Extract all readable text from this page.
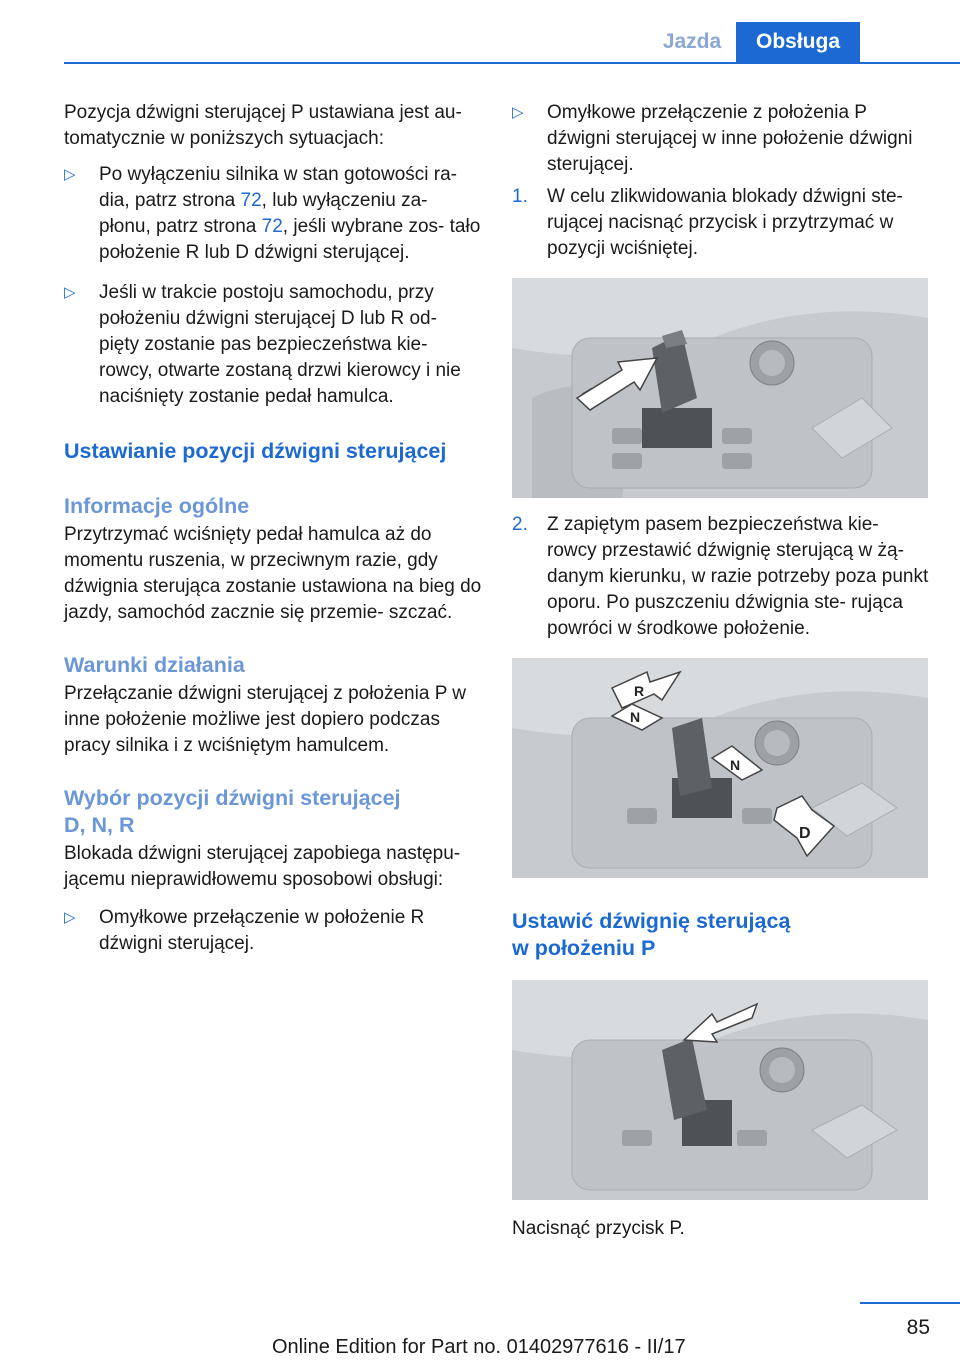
Jazda	Obsługa

Pozycja dźwigni sterującej P ustawiana jest au‐ tomatycznie w poniższych sytuacjach:

▷ Po wyłączeniu silnika w stan gotowości ra‐ dia, patrz strona 72, lub wyłączeniu za‐ płonu, patrz strona 72, jeśli wybrane zos‐ tało położenie R lub D dźwigni sterującej.

▷ Jeśli w trakcie postoju samochodu, przy położeniu dźwigni sterującej D lub R od‐ pięty zostanie pas bezpieczeństwa kie‐ rowcy, otwarte zostaną drzwi kierowcy i nie naciśnięty zostanie pedał hamulca.

Ustawianie pozycji dźwigni sterującej
Informacje ogólne

Przytrzymać wciśnięty pedał hamulca aż do momentu ruszenia, w przeciwnym razie, gdy dźwignia sterująca zostanie ustawiona na bieg do jazdy, samochód zacznie się przemie‐ szczać.

Warunki działania

Przełączanie dźwigni sterującej z położenia P w inne położenie możliwe jest dopiero podczas pracy silnika i z wciśniętym hamulcem.

Wybór pozycji dźwigni sterującej
D, N, R

Blokada dźwigni sterującej zapobiega następu‐ jącemu nieprawidłowemu sposobowi obsługi:

▷ Omyłkowe przełączenie w położenie R dźwigni sterującej.

▷ Omyłkowe przełączenie z położenia P dźwigni sterującej w inne położenie dźwigni sterującej.

1. W celu zlikwidowania blokady dźwigni ste‐ rującej nacisnąć przycisk i przytrzymać w pozycji wciśniętej.

2. Z zapiętym pasem bezpieczeństwa kie‐ rowcy przestawić dźwignię sterującą w żą‐ danym kierunku, w razie potrzeby poza punkt oporu. Po puszczeniu dźwignia ste‐ rująca powróci w środkowe położenie.

R
N
N
D
Ustawić dźwignię sterującą
w położeniu P

Nacisnąć przycisk P.

85
Online Edition for Part no. 01402977616 - II/17
